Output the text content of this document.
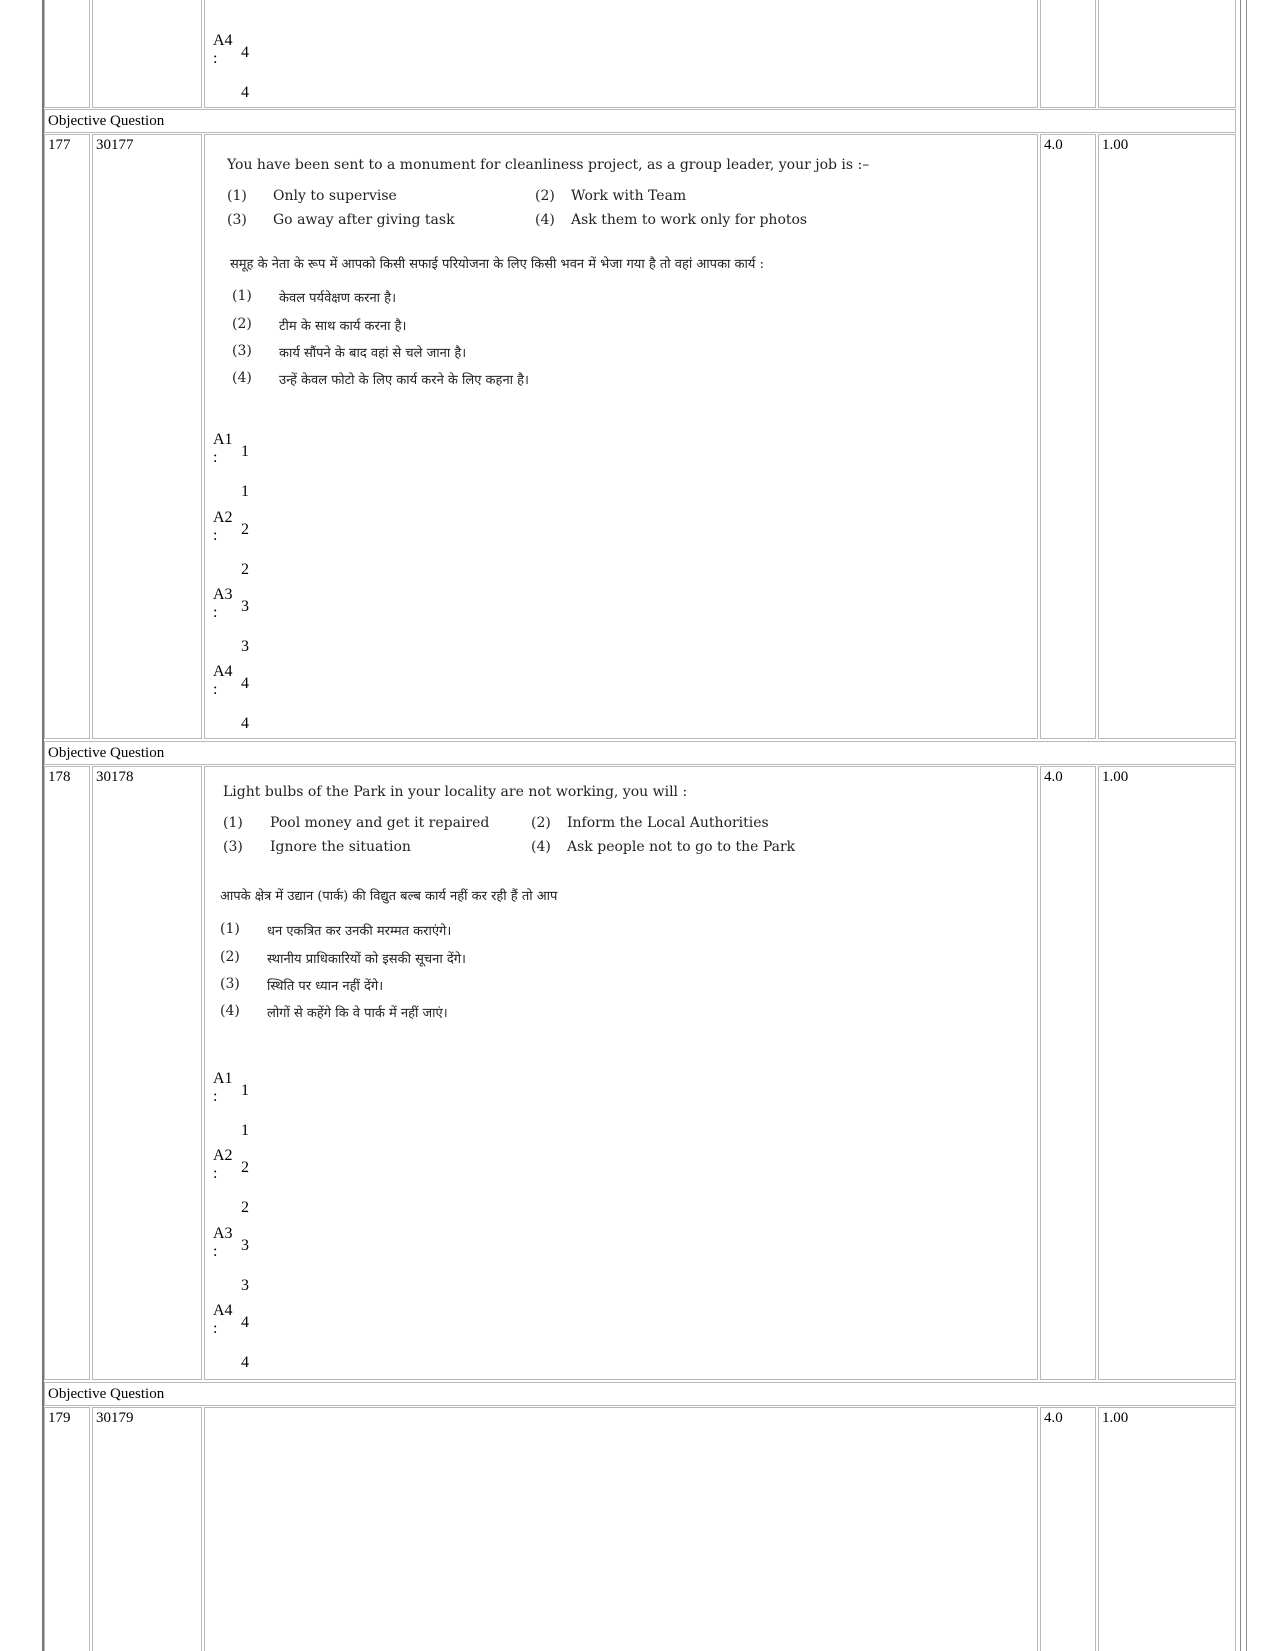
A4
: 4
4
Objective Question
177	30177
You have been sent to a monument for cleanliness project, as a group leader, your job is :–
(1) Only to supervise	(2) Work with Team
(3) Go away after giving task	(4) Ask them to work only for photos
समूह के नेता के रूप में आपको किसी सफाई परियोजना के लिए किसी भवन में भेजा गया है तो वहां आपका कार्य :
(1) केवल पर्यवेक्षण करना है।
(2) टीम के साथ कार्य करना है।
(3) कार्य सौंपने के बाद वहां से चले जाना है।
(4) उन्हें केवल फोटो के लिए कार्य करने के लिए कहना है।
A1
: 1
1
A2
: 2
2
A3
: 3
3
A4
: 4
4
4.0	1.00
Objective Question
178	30178
Light bulbs of the Park in your locality are not working, you will :
(1) Pool money and get it repaired	(2) Inform the Local Authorities
(3) Ignore the situation	(4) Ask people not to go to the Park
आपके क्षेत्र में उद्यान (पार्क) की विद्युत बल्ब कार्य नहीं कर रही हैं तो आप
(1) धन एकत्रित कर उनकी मरम्मत कराएंगे।
(2) स्थानीय प्राधिकारियों को इसकी सूचना देंगे।
(3) स्थिति पर ध्यान नहीं देंगे।
(4) लोगों से कहेंगे कि वे पार्क में नहीं जाएं।
A1
: 1
1
A2
: 2
2
A3
: 3
3
A4
: 4
4
4.0	1.00
Objective Question
179	30179	4.0	1.00
